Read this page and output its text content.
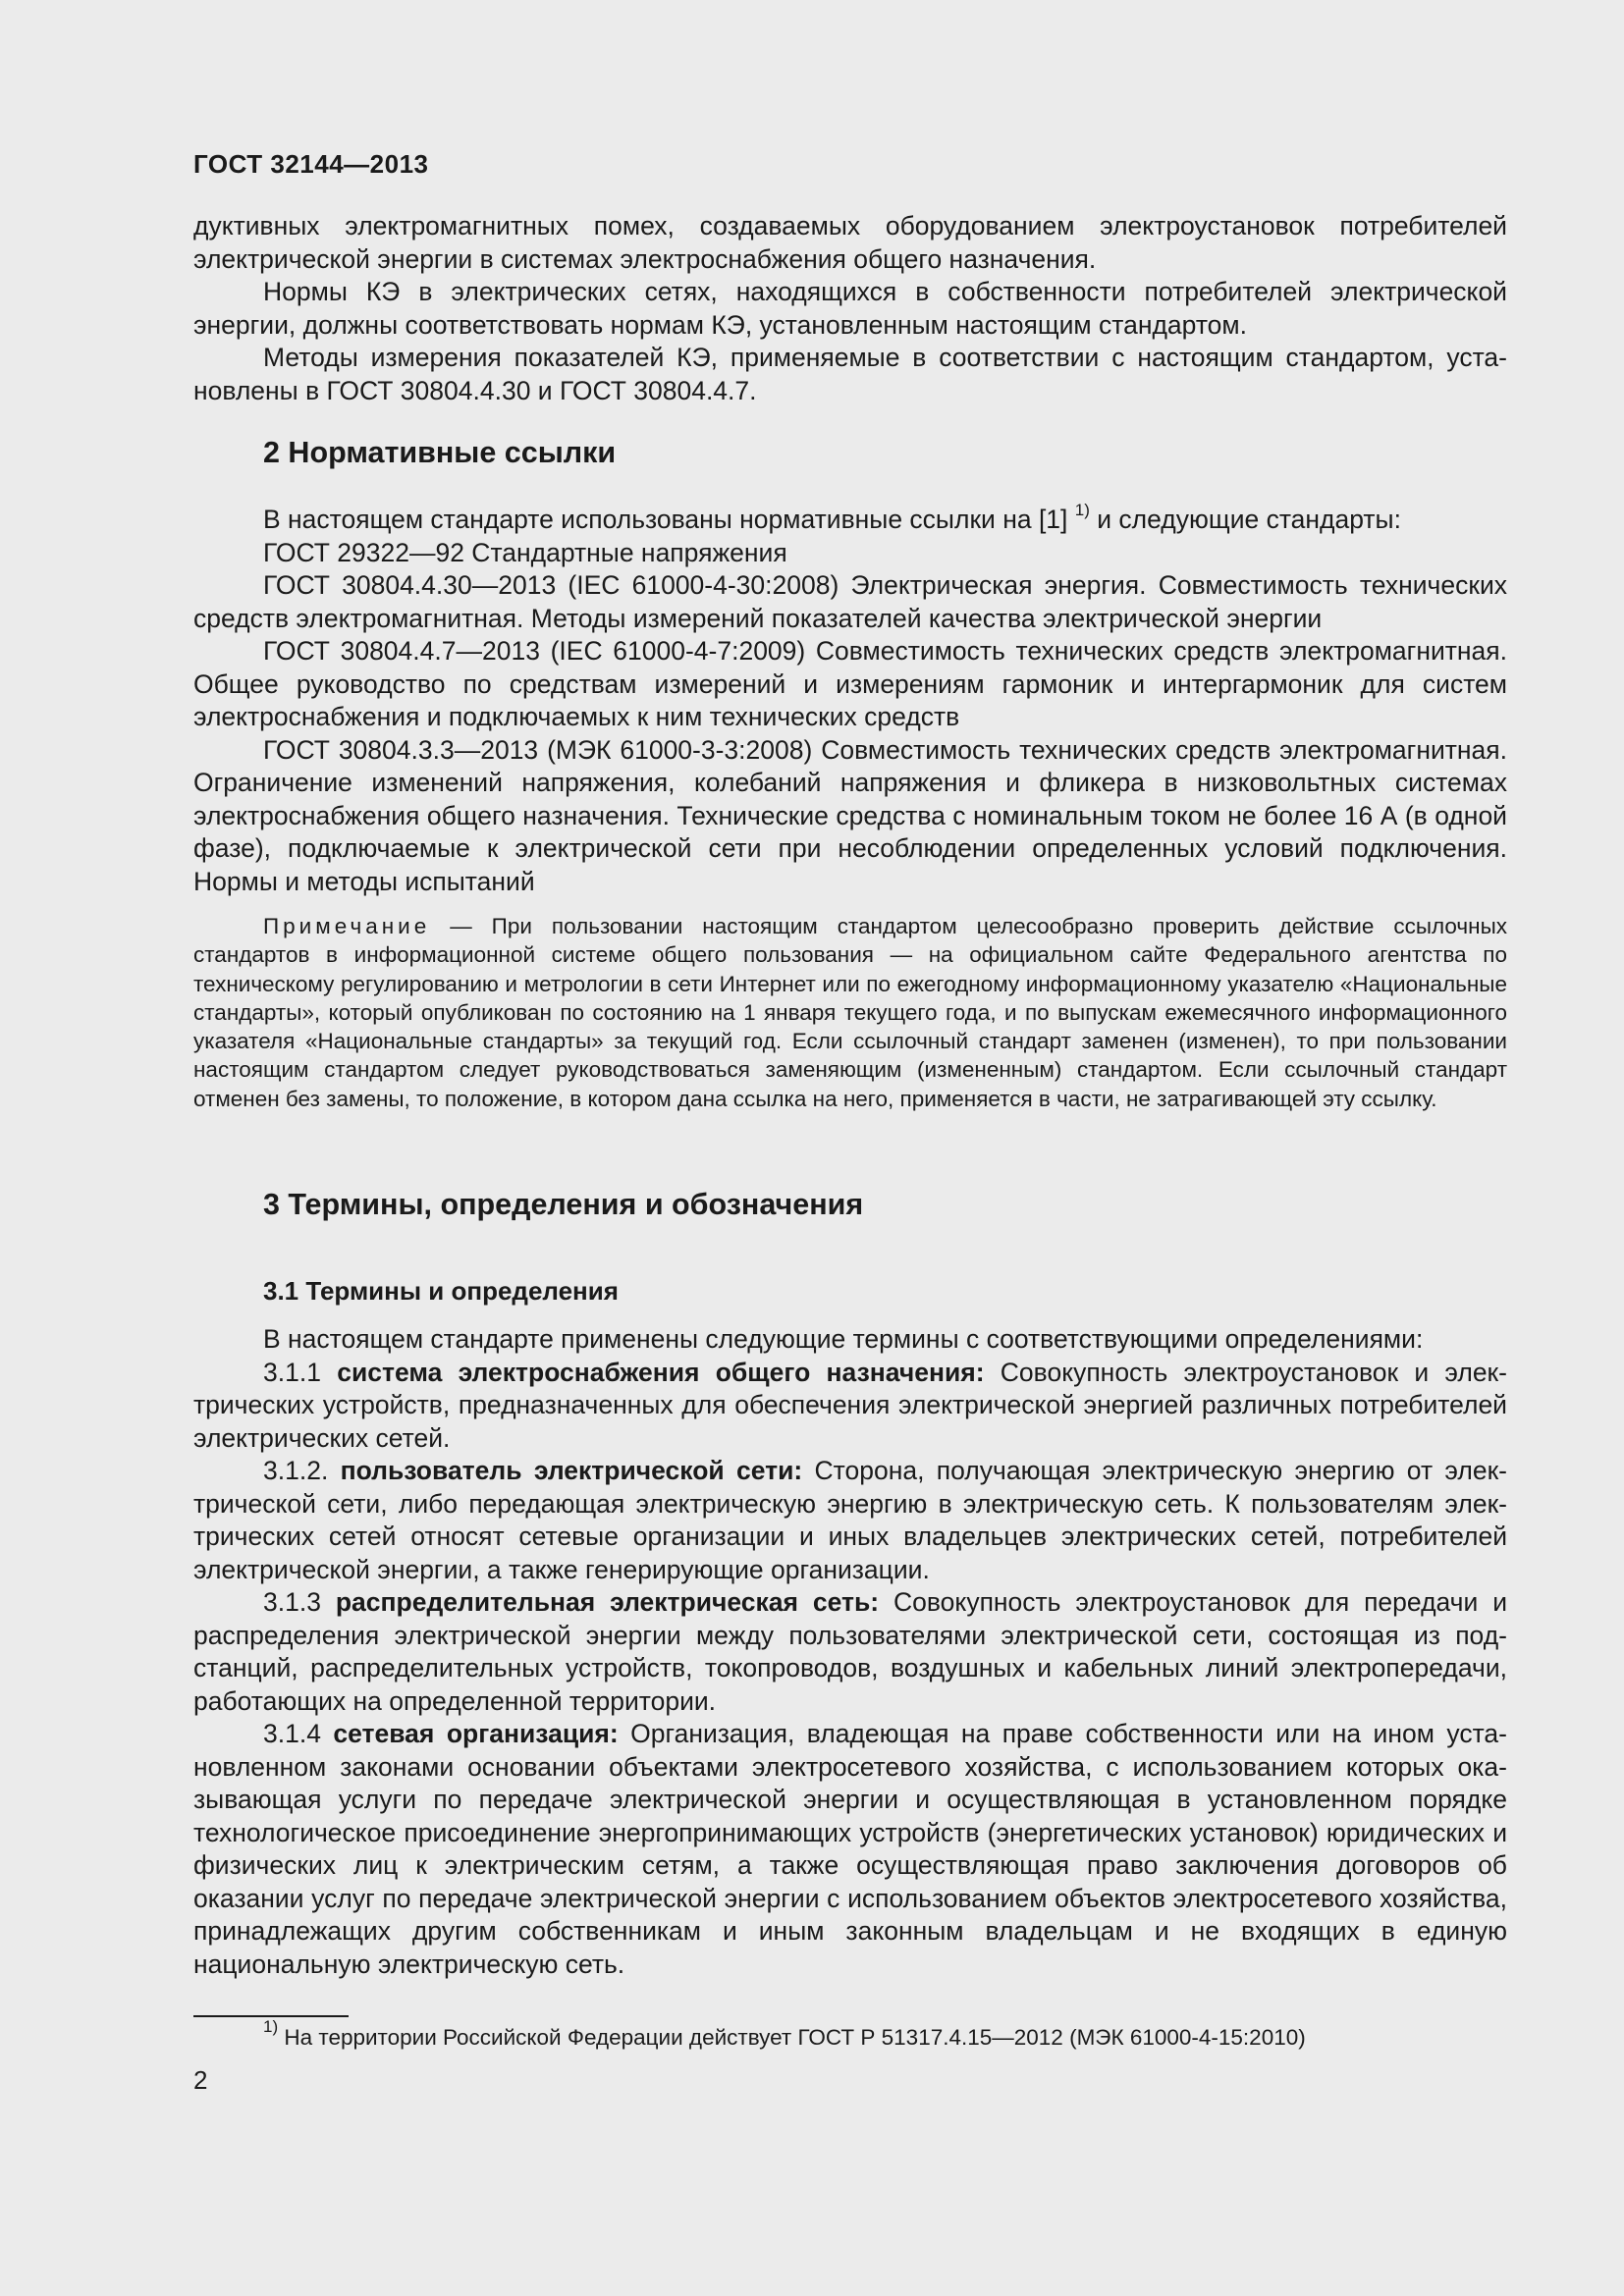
ГОСТ 32144—2013

дуктивных электромагнитных помех, создаваемых оборудованием электроустановок потребителей электрической энергии в системах электроснабжения общего назначения.

Нормы КЭ в электрических сетях, находящихся в собственности потребителей электрической энергии, должны соответствовать нормам КЭ, установленным настоящим стандартом.

Методы измерения показателей КЭ, применяемые в соответствии с настоящим стандартом, установлены в ГОСТ 30804.4.30 и ГОСТ 30804.4.7.

2 Нормативные ссылки

В настоящем стандарте использованы нормативные ссылки на [1] $^{1)}$ и следующие стандарты:

ГОСТ 29322—92 Стандартные напряжения

ГОСТ 30804.4.30—2013 (IEC 61000-4-30:2008) Электрическая энергия. Совместимость технических средств электромагнитная. Методы измерений показателей качества электрической энергии

ГОСТ 30804.4.7—2013 (IEC 61000-4-7:2009) Совместимость технических средств электромагнитная. Общее руководство по средствам измерений и измерениям гармоник и интергармоник для систем электроснабжения и подключаемых к ним технических средств

ГОСТ 30804.3.3—2013 (МЭК 61000-3-3:2008) Совместимость технических средств электромагнитная. Ограничение изменений напряжения, колебаний напряжения и фликера в низковольтных системах электроснабжения общего назначения. Технические средства с номинальным током не более 16 А (в одной фазе), подключаемые к электрической сети при несоблюдении определенных условий подключения. Нормы и методы испытаний

Примечание — При пользовании настоящим стандартом целесообразно проверить действие ссылочных стандартов в информационной системе общего пользования — на официальном сайте Федерального агентства по техническому регулированию и метрологии в сети Интернет или по ежегодному информационному указателю «Национальные стандарты», который опубликован по состоянию на 1 января текущего года, и по выпускам ежемесячного информационного указателя «Национальные стандарты» за текущий год. Если ссылочный стандарт заменен (изменен), то при пользовании настоящим стандартом следует руководствоваться заменяющим (измененным) стандартом. Если ссылочный стандарт отменен без замены, то положение, в котором дана ссылка на него, применяется в части, не затрагивающей эту ссылку.

3 Термины, определения и обозначения
3.1 Термины и определения

В настоящем стандарте применены следующие термины с соответствующими определениями:

3.1.1 система электроснабжения общего назначения: Совокупность электроустановок и электрических устройств, предназначенных для обеспечения электрической энергией различных потребителей электрических сетей.

3.1.2. пользователь электрической сети: Сторона, получающая электрическую энергию от электрической сети, либо передающая электрическую энергию в электрическую сеть. К пользователям электрических сетей относят сетевые организации и иных владельцев электрических сетей, потребителей электрической энергии, а также генерирующие организации.

3.1.3 распределительная электрическая сеть: Совокупность электроустановок для передачи и распределения электрической энергии между пользователями электрической сети, состоящая из подстанций, распределительных устройств, токопроводов, воздушных и кабельных линий электропередачи, работающих на определенной территории.

3.1.4 сетевая организация: Организация, владеющая на праве собственности или на ином установленном законами основании объектами электросетевого хозяйства, с использованием которых оказывающая услуги по передаче электрической энергии и осуществляющая в установленном порядке технологическое присоединение энергопринимающих устройств (энергетических установок) юридических и физических лиц к электрическим сетям, а также осуществляющая право заключения договоров об оказании услуг по передаче электрической энергии с использованием объектов электросетевого хозяйства, принадлежащих другим собственникам и иным законным владельцам и не входящих в единую национальную электрическую сеть.

$^{1)}$ На территории Российской Федерации действует ГОСТ Р 51317.4.15—2012 (МЭК 61000-4-15:2010)
2
